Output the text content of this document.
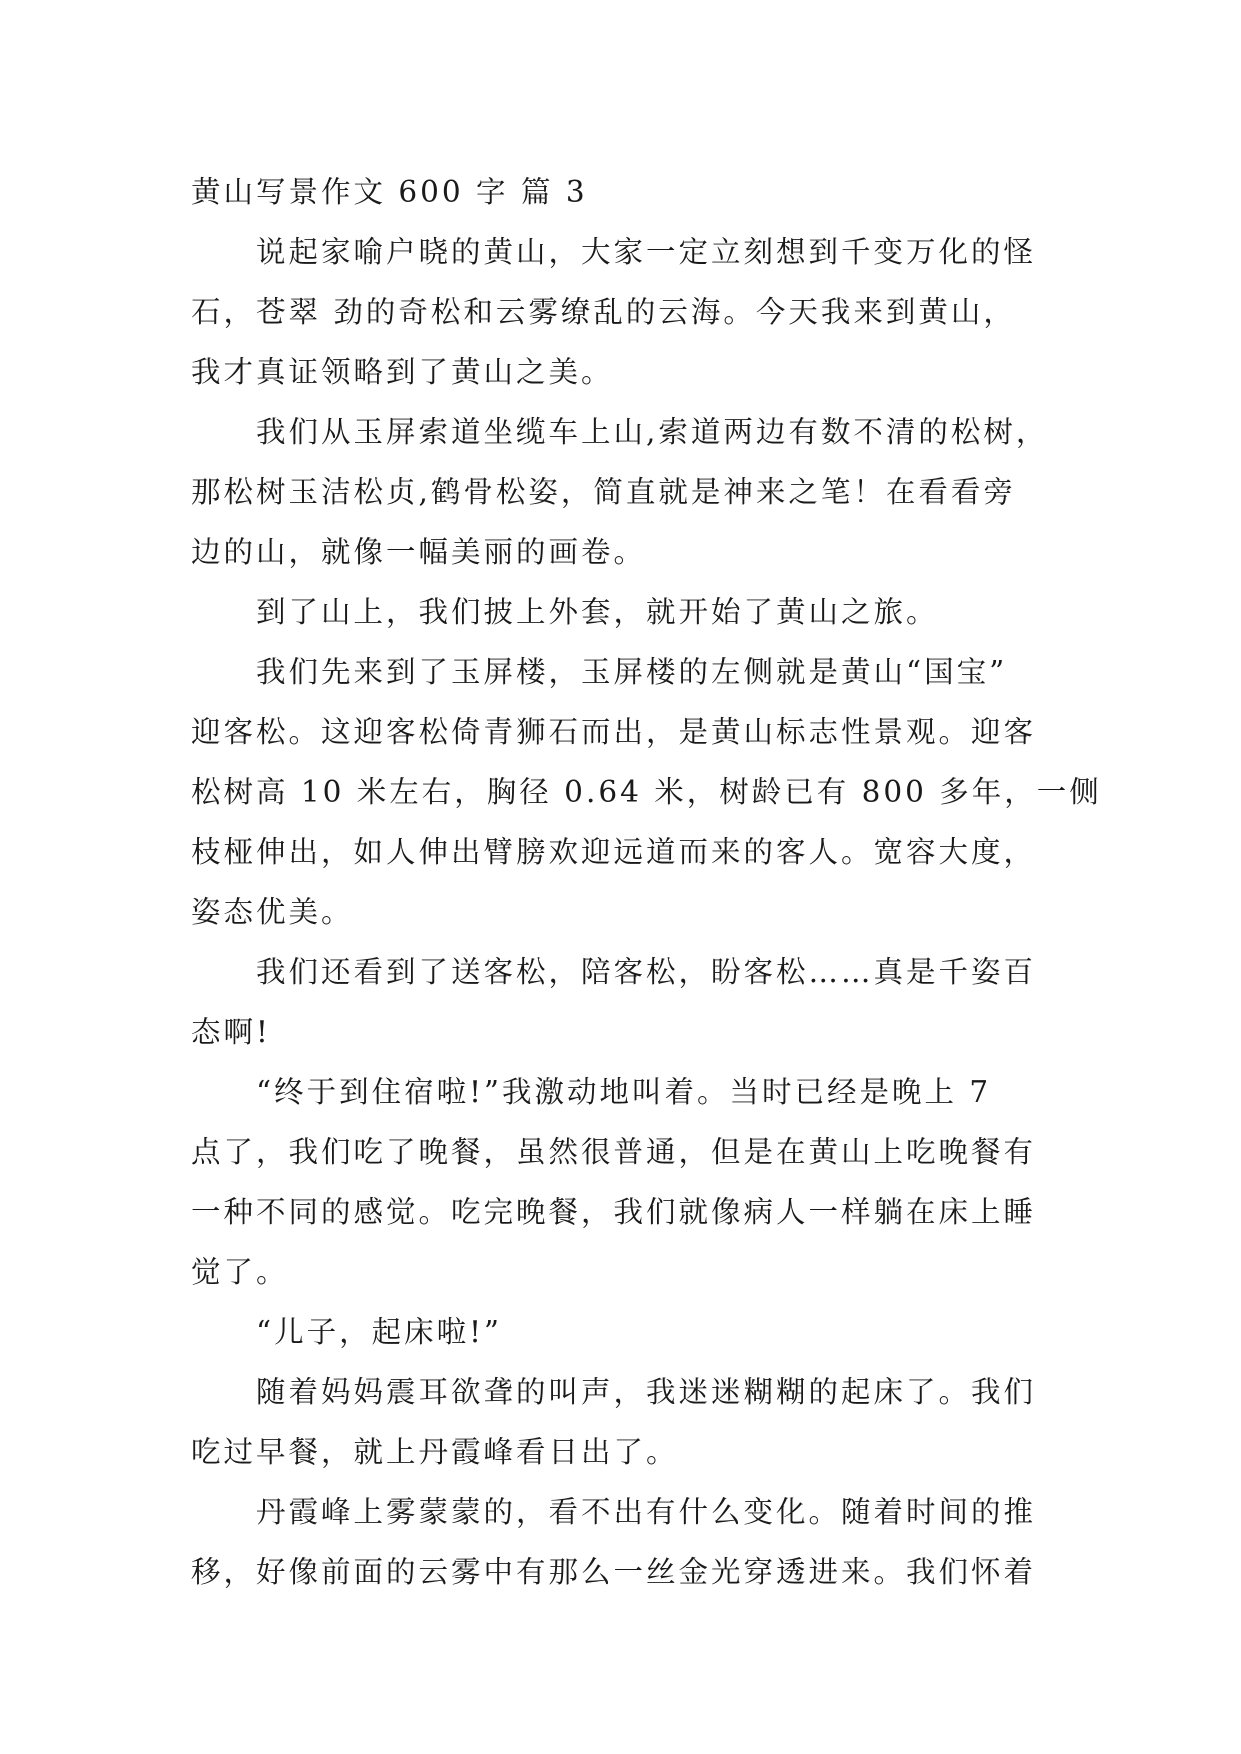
黄山写景作文 600 字 篇 3
说起家喻户晓的黄山，大家一定立刻想到千变万化的怪
石，苍翠 劲的奇松和云雾缭乱的云海。今天我来到黄山，
我才真证领略到了黄山之美。
我们从玉屏索道坐缆车上山,索道两边有数不清的松树，
那松树玉洁松贞,鹤骨松姿，简直就是神来之笔！在看看旁
边的山，就像一幅美丽的画卷。
到了山上，我们披上外套，就开始了黄山之旅。
我们先来到了玉屏楼，玉屏楼的左侧就是黄山“国宝”
迎客松。这迎客松倚青狮石而出，是黄山标志性景观。迎客
松树高 10 米左右，胸径 0.64 米，树龄已有 800 多年，一侧
枝桠伸出，如人伸出臂膀欢迎远道而来的客人。宽容大度，
姿态优美。
我们还看到了送客松，陪客松，盼客松……真是千姿百
态啊!
“终于到住宿啦!”我激动地叫着。当时已经是晚上 7
点了，我们吃了晚餐，虽然很普通，但是在黄山上吃晚餐有
一种不同的感觉。吃完晚餐，我们就像病人一样躺在床上睡
觉了。
“儿子，起床啦!”
随着妈妈震耳欲聋的叫声，我迷迷糊糊的起床了。我们
吃过早餐，就上丹霞峰看日出了。
丹霞峰上雾蒙蒙的，看不出有什么变化。随着时间的推
移，好像前面的云雾中有那么一丝金光穿透进来。我们怀着
